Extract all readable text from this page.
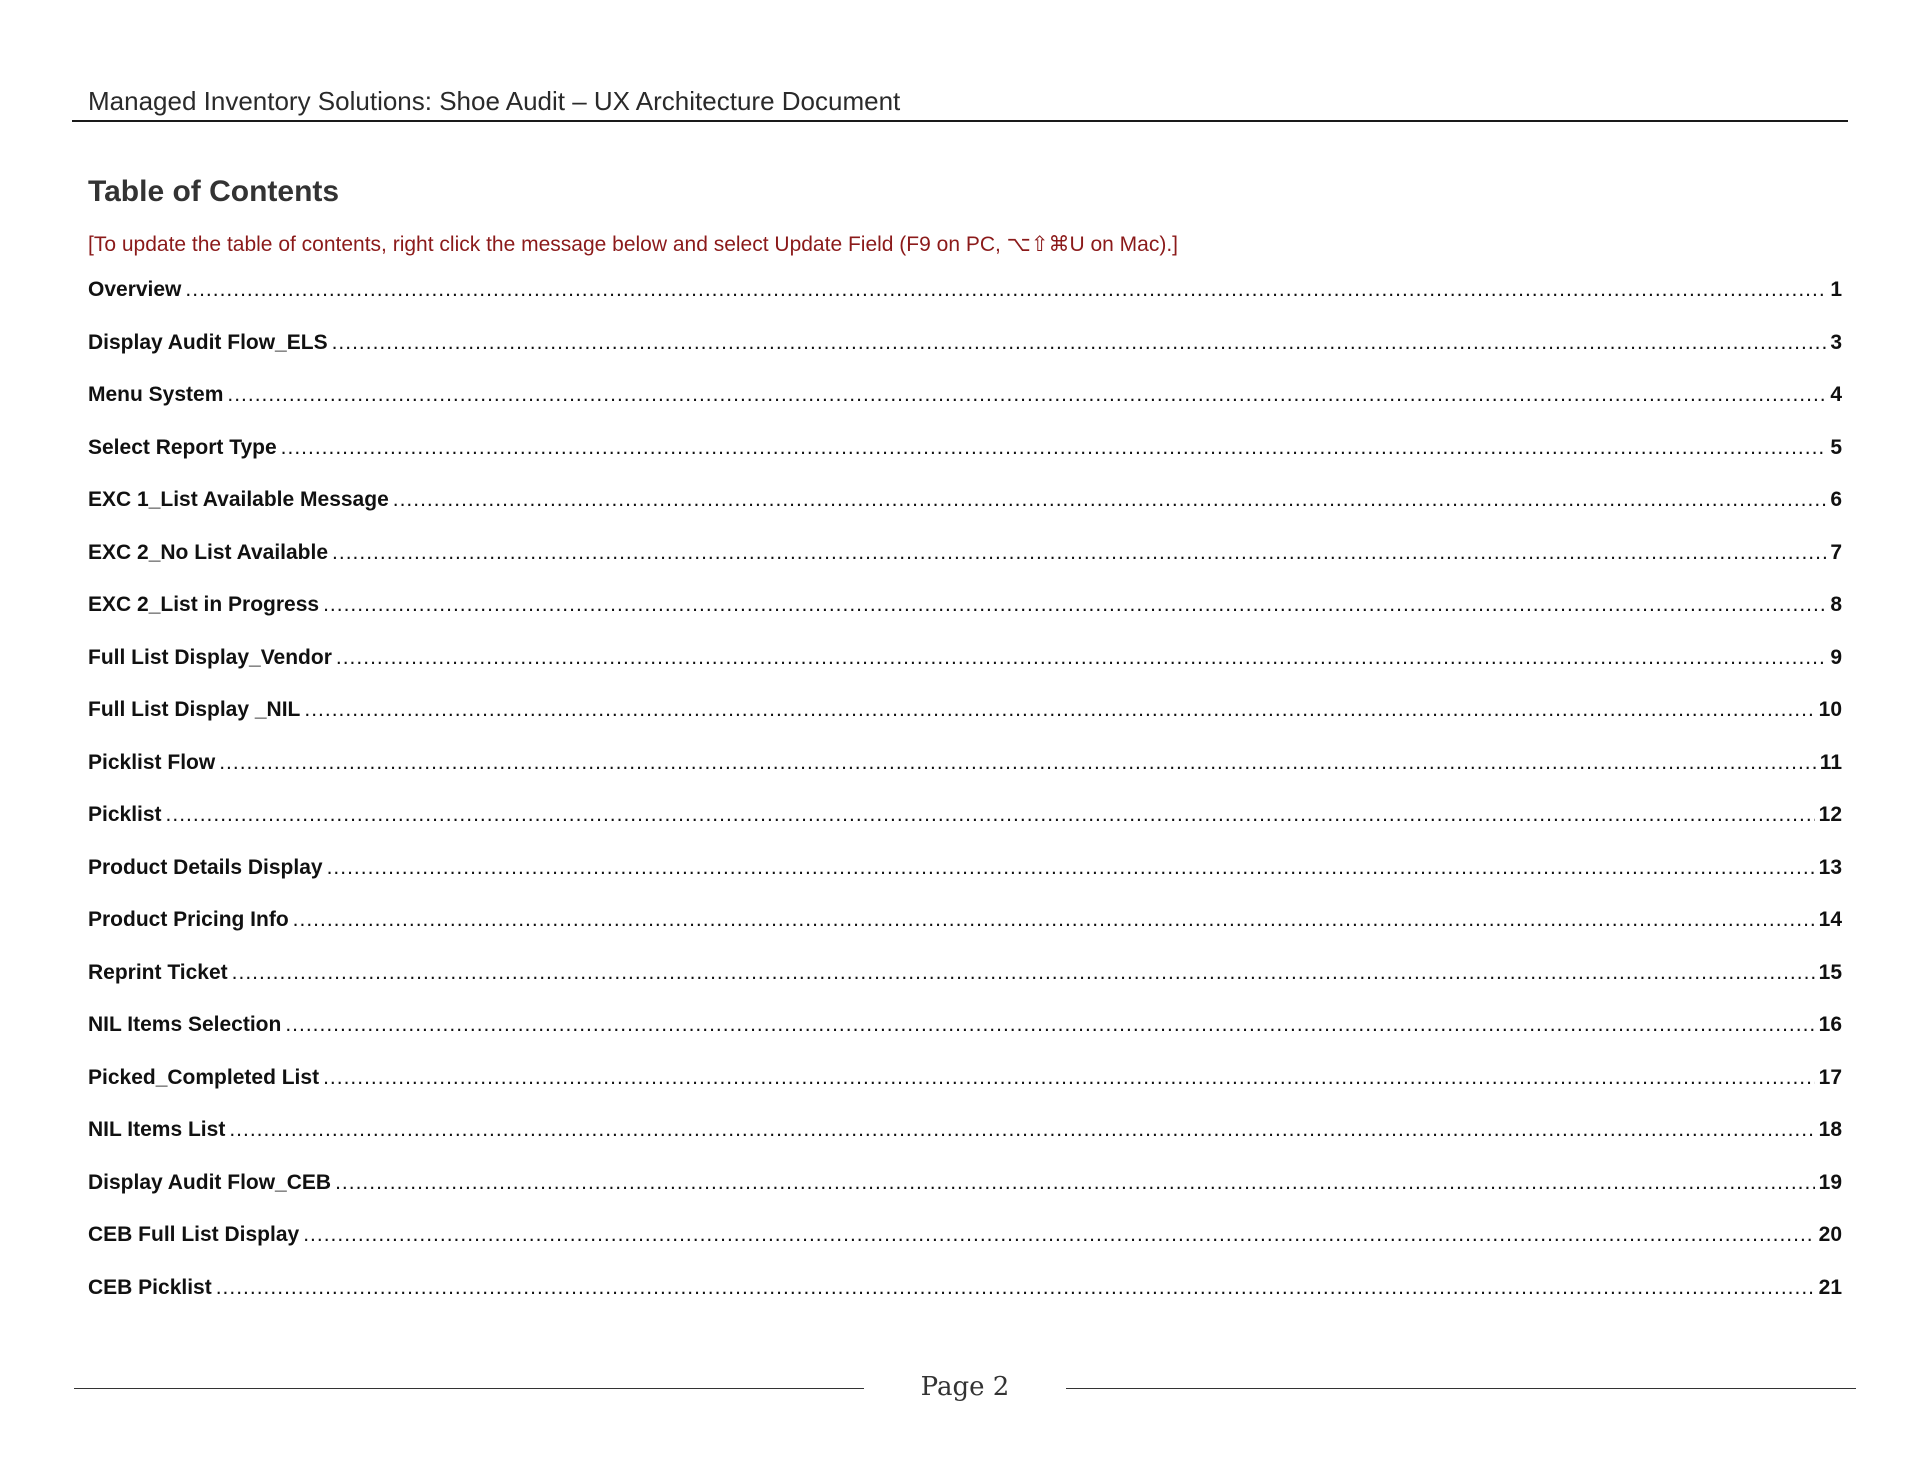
Managed Inventory Solutions: Shoe Audit – UX Architecture Document
Table of Contents
[To update the table of contents, right click the message below and select Update Field (F9 on PC, ⌥⇧⌘U on Mac).]
Overview .....	1
Display Audit Flow_ELS .....	3
Menu System .....	4
Select Report Type .....	5
EXC 1_List Available Message .....	6
EXC 2_No List Available .....	7
EXC 2_List in Progress .....	8
Full List Display_Vendor .....	9
Full List Display _NIL .....	10
Picklist Flow .....	11
Picklist .....	12
Product Details Display .....	13
Product Pricing Info .....	14
Reprint Ticket .....	15
NIL Items Selection .....	16
Picked_Completed List .....	17
NIL Items List .....	18
Display Audit Flow_CEB .....	19
CEB Full List Display .....	20
CEB Picklist .....	21
Page 2
